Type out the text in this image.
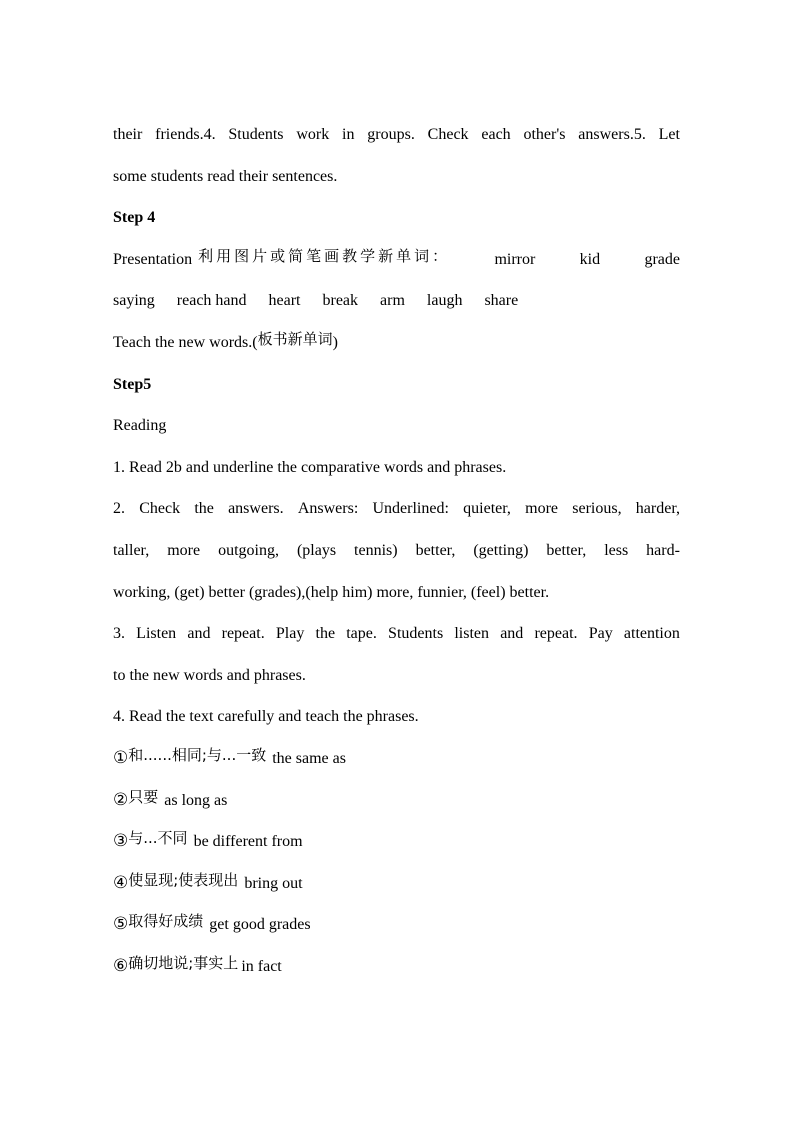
their friends.4. Students work in groups. Check each other's answers.5. Let
some students read their sentences.
Step 4
Presentation 利用图片或简笔画教学新单词：	mirror	kid	grade
saying reach hand heart break arm laugh share
Teach the new words.(板书新单词)
Step5
Reading
1. Read 2b and underline the comparative words and phrases.
2. Check the answers. Answers: Underlined: quieter, more serious, harder,
taller, more outgoing, (plays tennis) better, (getting) better, less hard-
working, (get) better (grades),(help him) more, funnier, (feel) better.
3. Listen and repeat. Play the tape. Students listen and repeat. Pay attention
to the new words and phrases.
4. Read the text carefully and teach the phrases.
①和......相同;与...一致 the same as
②只要 as long as
③与...不同 be different from
④使显现;使表现出 bring out
⑤取得好成绩 get good grades
⑥确切地说;事实上 in fact
